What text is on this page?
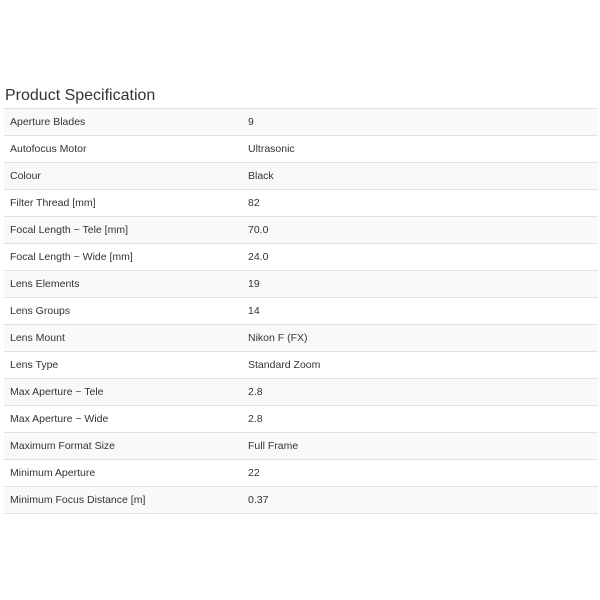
Product Specification
Aperture Blades	9
Autofocus Motor	Ultrasonic
Colour	Black
Filter Thread [mm]	82
Focal Length ~ Tele [mm]	70.0
Focal Length ~ Wide [mm]	24.0
Lens Elements	19
Lens Groups	14
Lens Mount	Nikon F (FX)
Lens Type	Standard Zoom
Max Aperture ~ Tele	2.8
Max Aperture ~ Wide	2.8
Maximum Format Size	Full Frame
Minimum Aperture	22
Minimum Focus Distance [m]	0.37
